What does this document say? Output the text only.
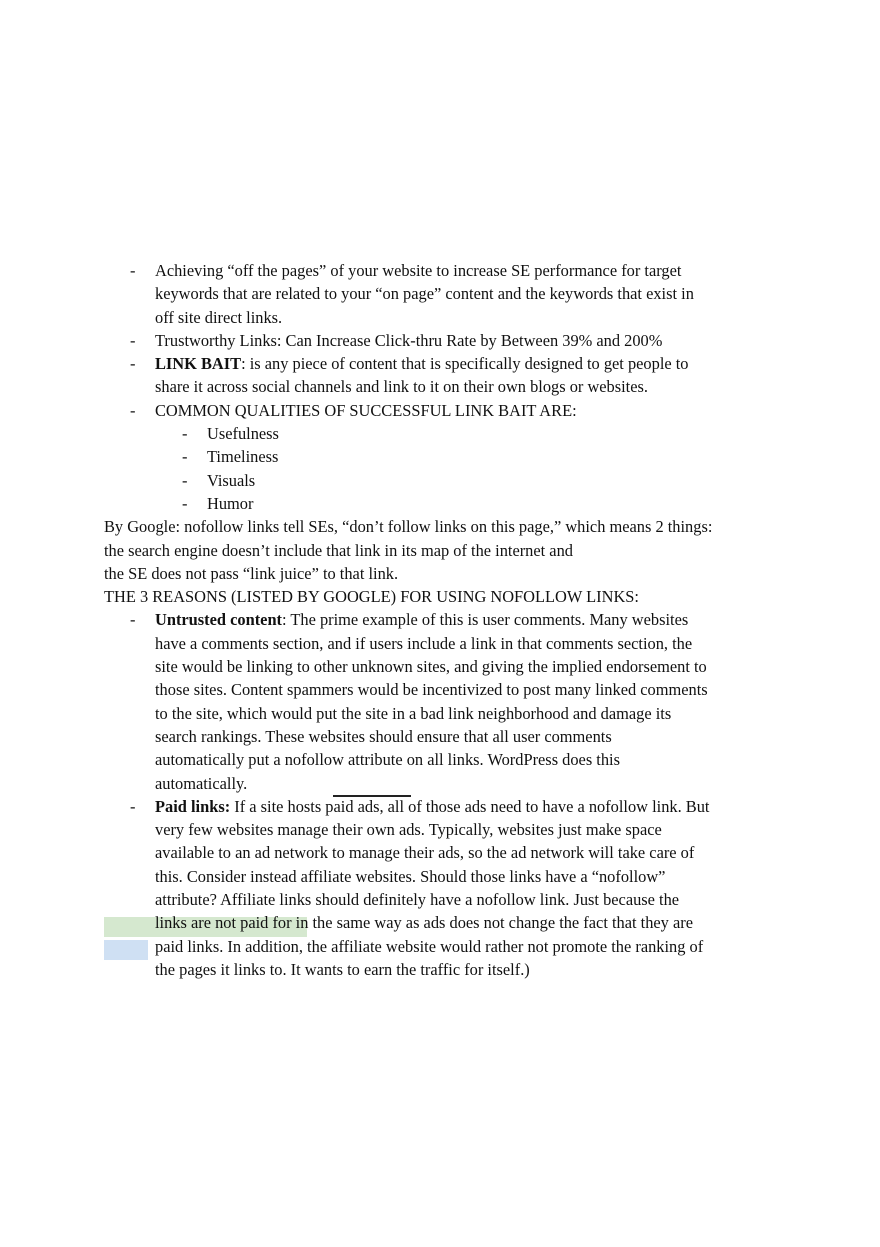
- Achieving “off the pages” of your website to increase SE performance for target
keywords that are related to your “on page” content and the keywords that exist in
off site direct links.
- Trustworthy Links: Can Increase Click-thru Rate by Between 39% and 200%
- LINK BAIT: is any piece of content that is specifically designed to get people to
share it across social channels and link to it on their own blogs or websites.
- COMMON QUALITIES OF SUCCESSFUL LINK BAIT ARE:
- Usefulness
- Timeliness
- Visuals
- Humor
By Google: nofollow links tell SEs, “don’t follow links on this page,” which means 2 things:
the search engine doesn’t include that link in its map of the internet and
the SE does not pass “link juice” to that link.
THE 3 REASONS (LISTED BY GOOGLE) FOR USING NOFOLLOW LINKS:
- Untrusted content: The prime example of this is user comments. Many websites
have a comments section, and if users include a link in that comments section, the
site would be linking to other unknown sites, and giving the implied endorsement to
those sites. Content spammers would be incentivized to post many linked comments
to the site, which would put the site in a bad link neighborhood and damage its
search rankings. These websites should ensure that all user comments
automatically put a nofollow attribute on all links. WordPress does this
automatically.
- Paid links: If a site hosts paid ads, all of those ads need to have a nofollow link. But
very few websites manage their own ads. Typically, websites just make space
available to an ad network to manage their ads, so the ad network will take care of
this. Consider instead affiliate websites. Should those links have a “nofollow”
attribute? Affiliate links should definitely have a nofollow link. Just because the
links are not paid for in the same way as ads does not change the fact that they are
paid links. In addition, the affiliate website would rather not promote the ranking of
the pages it links to. It wants to earn the traffic for itself.)
